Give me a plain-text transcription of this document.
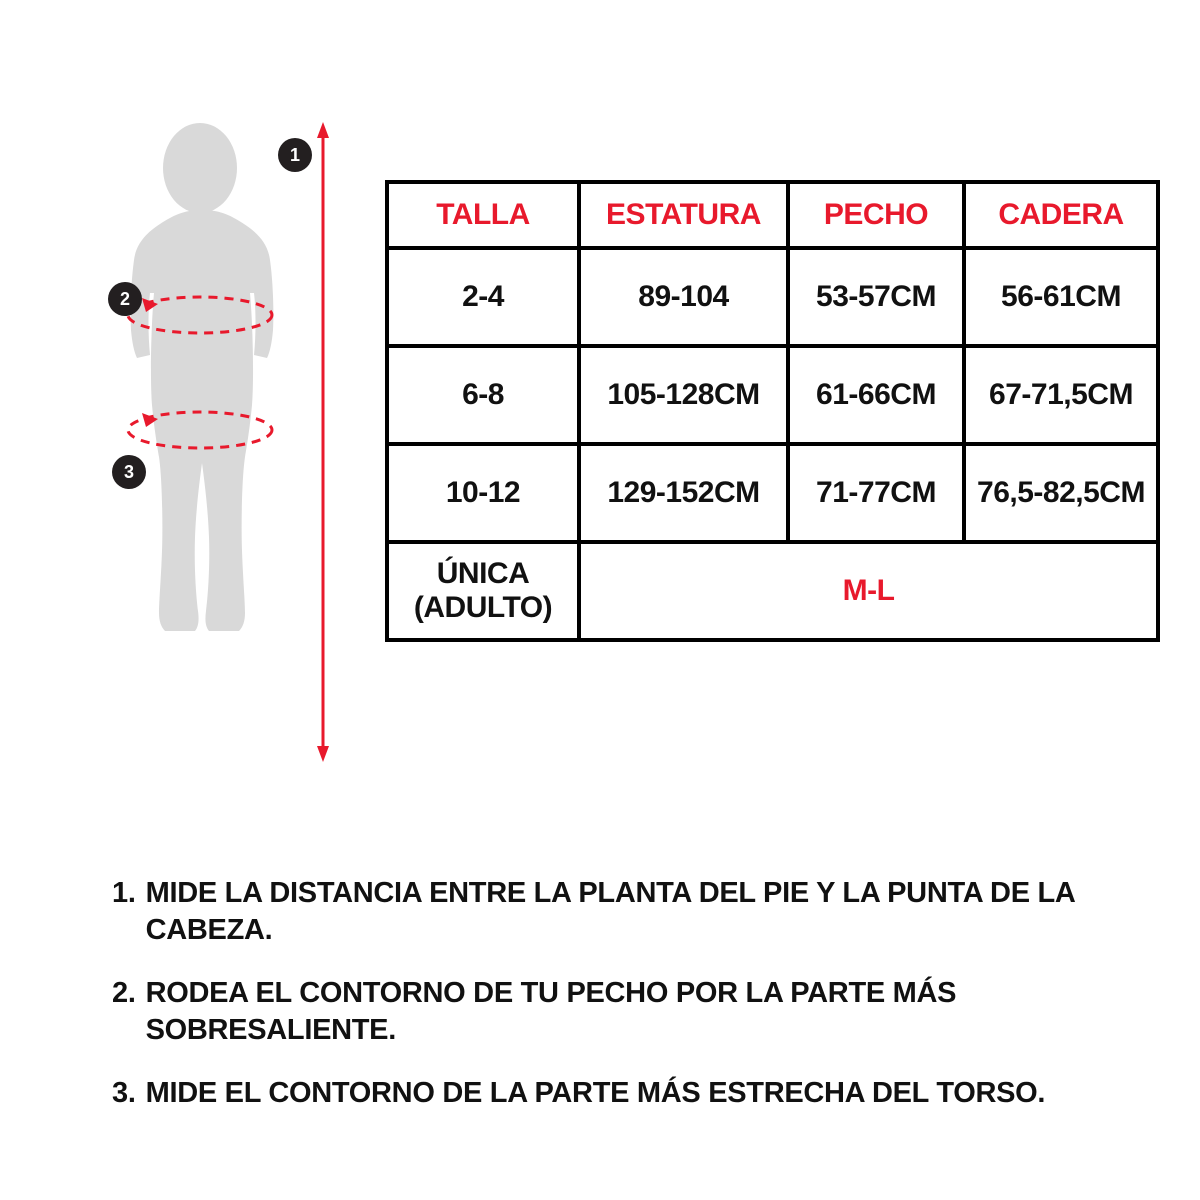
1
2
3
TALLA	ESTATURA	PECHO	CADERA
2-4	89-104	53-57CM	56-61CM
6-8	105-128CM	61-66CM	67-71,5CM
10-12	129-152CM	71-77CM	76,5-82,5CM
ÚNICA
(ADULTO)	M-L		
1. MIDE LA DISTANCIA ENTRE LA PLANTA DEL PIE Y LA PUNTA DE LA CABEZA.
2. RODEA EL CONTORNO DE TU PECHO POR LA PARTE MÁS SOBRESALIENTE.
3. MIDE EL CONTORNO DE LA PARTE MÁS ESTRECHA DEL TORSO.
